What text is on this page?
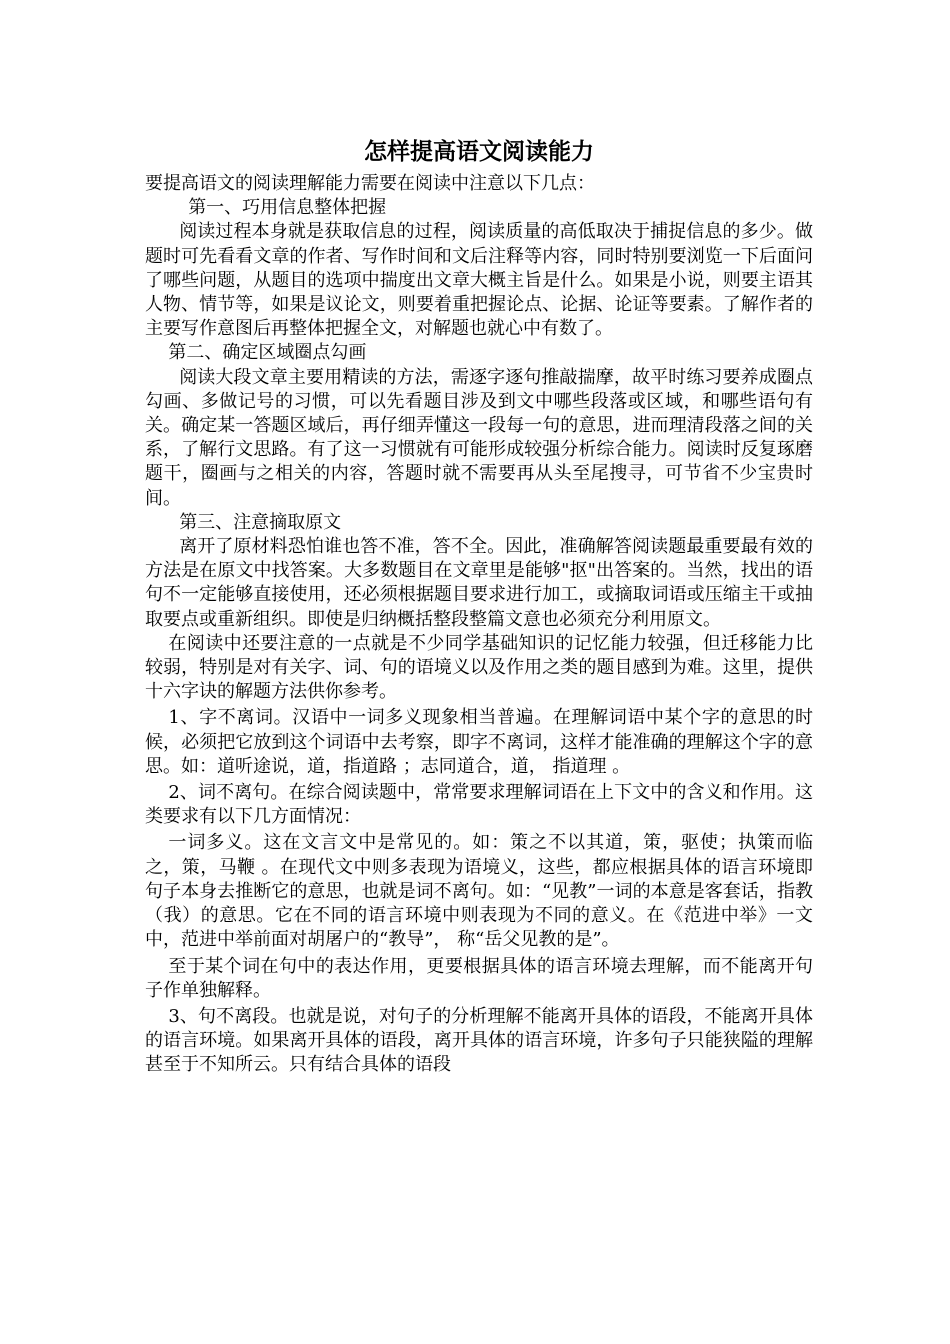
怎样提高语文阅读能力

要提高语文的阅读理解能力需要在阅读中注意以下几点：

第一、巧用信息整体把握

阅读过程本身就是获取信息的过程，阅读质量的高低取决于捕捉信息的多少。做题时可先看看文章的作者、写作时间和文后注释等内容，同时特别要浏览一下后面问了哪些问题，从题目的选项中揣度出文章大概主旨是什么。如果是小说，则要主语其人物、情节等，如果是议论文，则要着重把握论点、论据、论证等要素。了解作者的主要写作意图后再整体把握全文，对解题也就心中有数了。

第二、确定区域圈点勾画

阅读大段文章主要用精读的方法，需逐字逐句推敲揣摩，故平时练习要养成圈点勾画、多做记号的习惯，可以先看题目涉及到文中哪些段落或区域，和哪些语句有关。确定某一答题区域后，再仔细弄懂这一段每一句的意思，进而理清段落之间的关系，了解行文思路。有了这一习惯就有可能形成较强分析综合能力。阅读时反复琢磨题干，圈画与之相关的内容，答题时就不需要再从头至尾搜寻，可节省不少宝贵时间。

第三、注意摘取原文

离开了原材料恐怕谁也答不准，答不全。因此，准确解答阅读题最重要最有效的方法是在原文中找答案。大多数题目在文章里是能够"抠"出答案的。当然，找出的语句不一定能够直接使用，还必须根据题目要求进行加工，或摘取词语或压缩主干或抽取要点或重新组织。即使是归纳概括整段整篇文意也必须充分利用原文。

在阅读中还要注意的一点就是不少同学基础知识的记忆能力较强，但迁移能力比较弱，特别是对有关字、词、句的语境义以及作用之类的题目感到为难。这里，提供十六字诀的解题方法供你参考。

1、字不离词。汉语中一词多义现象相当普遍。在理解词语中某个字的意思的时候，必须把它放到这个词语中去考察，即字不离词，这样才能准确的理解这个字的意思。如：道听途说，道，指道路 ；志同道合，道， 指道理 。

2、词不离句。在综合阅读题中，常常要求理解词语在上下文中的含义和作用。这类要求有以下几方面情况：

一词多义。这在文言文中是常见的。如：策之不以其道，策，驱使；执策而临之，策，马鞭 。在现代文中则多表现为语境义，这些，都应根据具体的语言环境即句子本身去推断它的意思，也就是词不离句。如：“见教”一词的本意是客套话，指教（我）的意思。它在不同的语言环境中则表现为不同的意义。在《范进中举》一文中，范进中举前面对胡屠户的“教导”， 称“岳父见教的是”。

至于某个词在句中的表达作用，更要根据具体的语言环境去理解，而不能离开句子作单独解释。

3、句不离段。也就是说，对句子的分析理解不能离开具体的语段，不能离开具体的语言环境。如果离开具体的语段，离开具体的语言环境，许多句子只能狭隘的理解甚至于不知所云。只有结合具体的语段
